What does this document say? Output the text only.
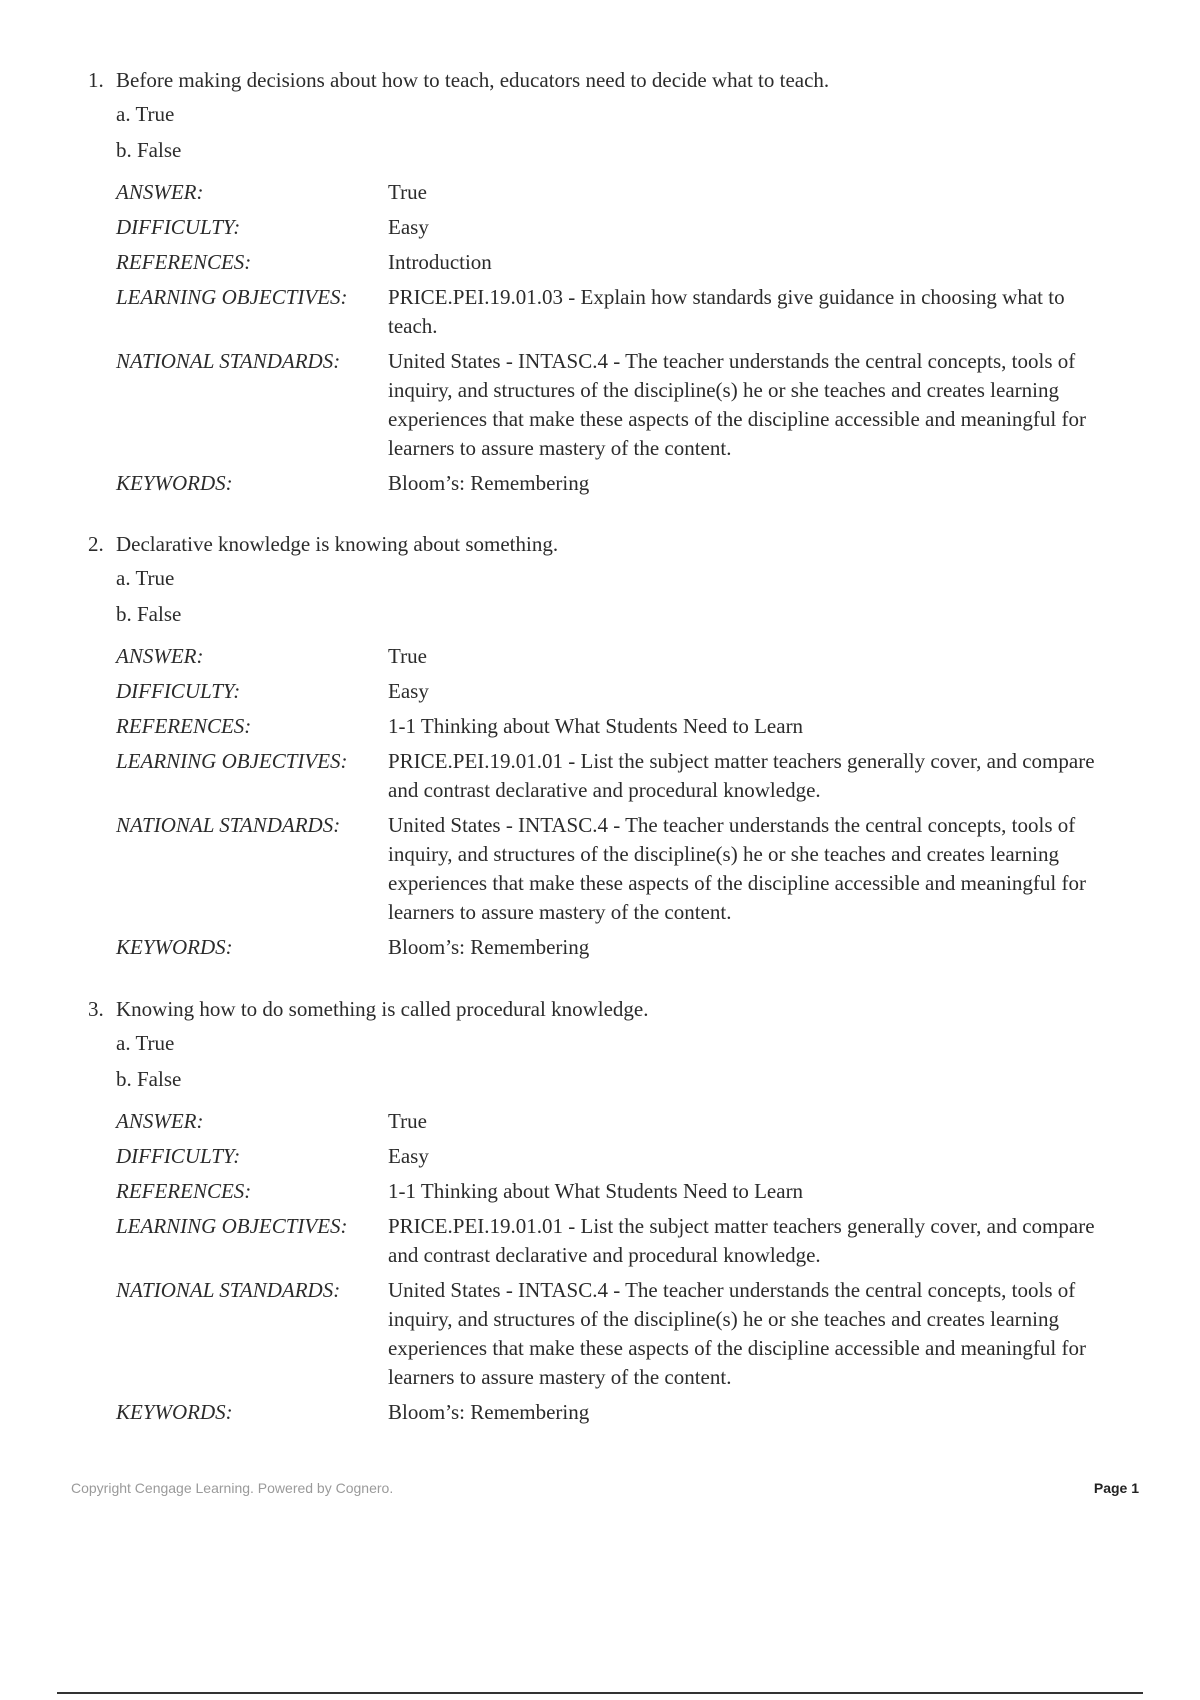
1. Before making decisions about how to teach, educators need to decide what to teach.
a. True
b. False
ANSWER:	True
DIFFICULTY:	Easy
REFERENCES:	Introduction
LEARNING OBJECTIVES:	PRICE.PEI.19.01.03 - Explain how standards give guidance in choosing what to teach.
NATIONAL STANDARDS:	United States - INTASC.4 - The teacher understands the central concepts, tools of inquiry, and structures of the discipline(s) he or she teaches and creates learning experiences that make these aspects of the discipline accessible and meaningful for learners to assure mastery of the content.
KEYWORDS:	Bloom’s: Remembering
2. Declarative knowledge is knowing about something.
a. True
b. False
ANSWER:	True
DIFFICULTY:	Easy
REFERENCES:	1-1 Thinking about What Students Need to Learn
LEARNING OBJECTIVES:	PRICE.PEI.19.01.01 - List the subject matter teachers generally cover, and compare and contrast declarative and procedural knowledge.
NATIONAL STANDARDS:	United States - INTASC.4 - The teacher understands the central concepts, tools of inquiry, and structures of the discipline(s) he or she teaches and creates learning experiences that make these aspects of the discipline accessible and meaningful for learners to assure mastery of the content.
KEYWORDS:	Bloom’s: Remembering
3. Knowing how to do something is called procedural knowledge.
a. True
b. False
ANSWER:	True
DIFFICULTY:	Easy
REFERENCES:	1-1 Thinking about What Students Need to Learn
LEARNING OBJECTIVES:	PRICE.PEI.19.01.01 - List the subject matter teachers generally cover, and compare and contrast declarative and procedural knowledge.
NATIONAL STANDARDS:	United States - INTASC.4 - The teacher understands the central concepts, tools of inquiry, and structures of the discipline(s) he or she teaches and creates learning experiences that make these aspects of the discipline accessible and meaningful for learners to assure mastery of the content.
KEYWORDS:	Bloom’s: Remembering
Copyright Cengage Learning. Powered by Cognero.	Page 1
